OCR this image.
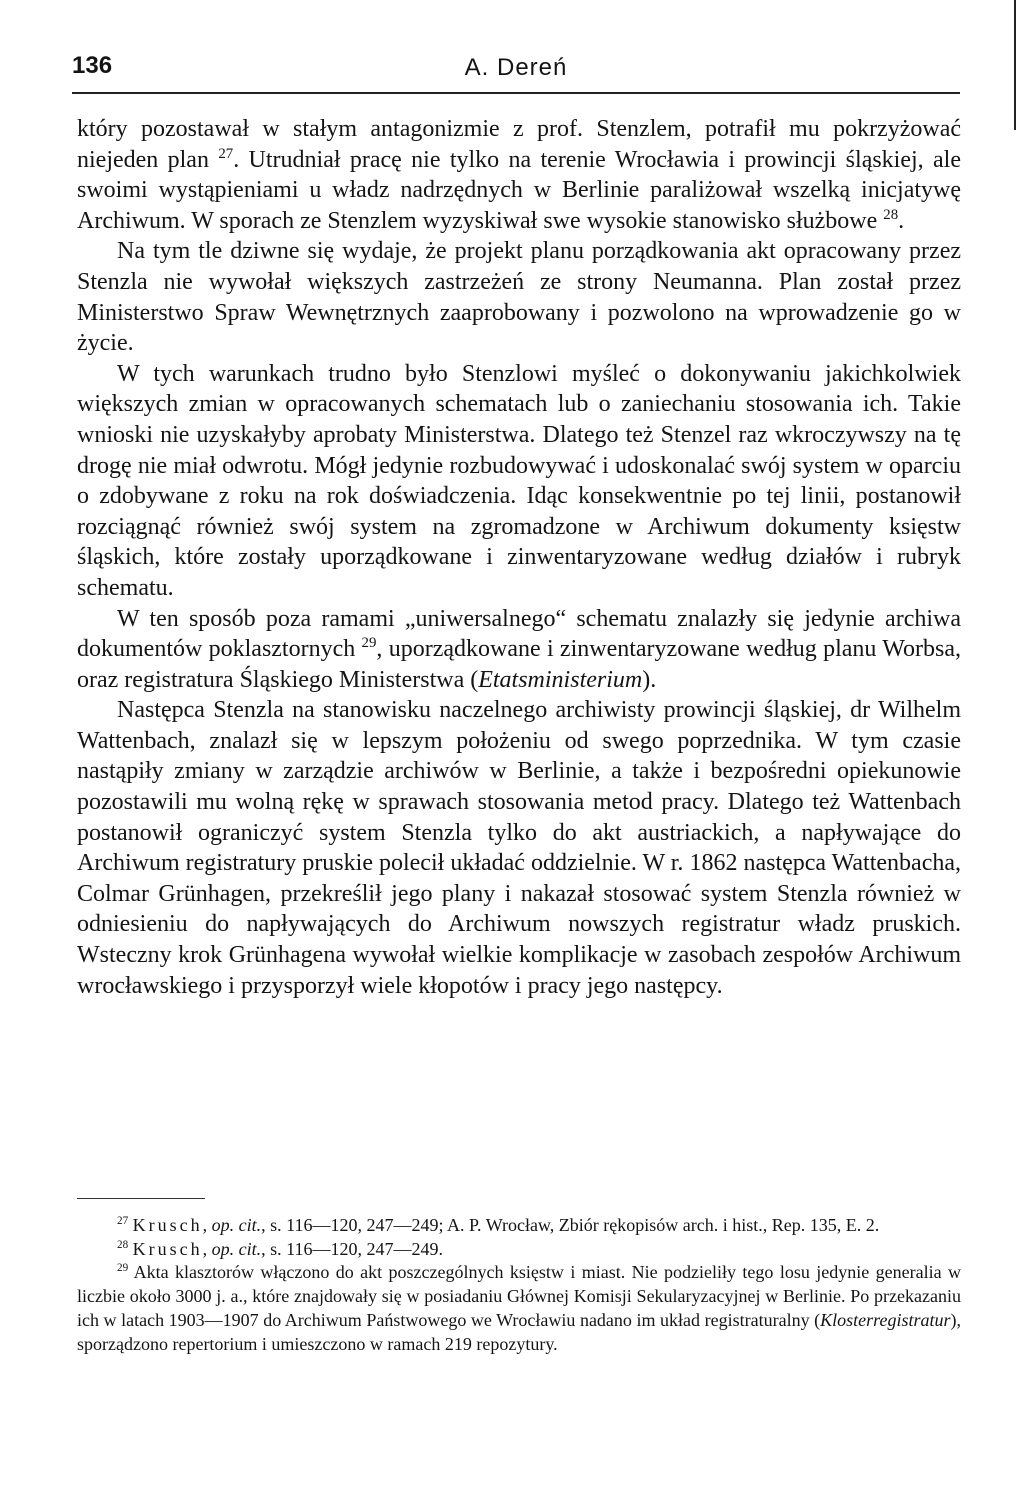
136	A. Dereń

który pozostawał w stałym antagonizmie z prof. Stenzlem, potrafił mu pokrzyżować niejeden plan $^{27}$. Utrudniał pracę nie tylko na terenie Wrocławia i prowincji śląskiej, ale swoimi wystąpieniami u władz nadrzędnych w Berlinie paraliżował wszelką inicjatywę Archiwum. W sporach ze Stenzlem wyzyskiwał swe wysokie stanowisko służbowe $^{28}$.

Na tym tle dziwne się wydaje, że projekt planu porządkowania akt opracowany przez Stenzla nie wywołał większych zastrzeżeń ze strony Neumanna. Plan został przez Ministerstwo Spraw Wewnętrznych zaaprobowany i pozwolono na wprowadzenie go w życie.

W tych warunkach trudno było Stenzlowi myśleć o dokonywaniu jakichkolwiek większych zmian w opracowanych schematach lub o zaniechaniu stosowania ich. Takie wnioski nie uzyskałyby aprobaty Ministerstwa. Dlatego też Stenzel raz wkroczywszy na tę drogę nie miał odwrotu. Mógł jedynie rozbudowywać i udoskonalać swój system w oparciu o zdobywane z roku na rok doświadczenia. Idąc konsekwentnie po tej linii, postanowił rozciągnąć również swój system na zgromadzone w Archiwum dokumenty księstw śląskich, które zostały uporządkowane i zinwentaryzowane według działów i rubryk schematu.

W ten sposób poza ramami „uniwersalnego“ schematu znalazły się jedynie archiwa dokumentów poklasztornych $^{29}$, uporządkowane i zinwentaryzowane według planu Worbsa, oraz registratura Śląskiego Ministerstwa (Etatsministerium).

Następca Stenzla na stanowisku naczelnego archiwisty prowincji śląskiej, dr Wilhelm Wattenbach, znalazł się w lepszym położeniu od swego poprzednika. W tym czasie nastąpiły zmiany w zarządzie archiwów w Berlinie, a także i bezpośredni opiekunowie pozostawili mu wolną rękę w sprawach stosowania metod pracy. Dlatego też Wattenbach postanowił ograniczyć system Stenzla tylko do akt austriackich, a napływające do Archiwum registratury pruskie polecił układać oddzielnie. W r. 1862 następca Wattenbacha, Colmar Grünhagen, przekreślił jego plany i nakazał stosować system Stenzla również w odniesieniu do napływających do Archiwum nowszych registratur władz pruskich. Wsteczny krok Grünhagena wywołał wielkie komplikacje w zasobach zespołów Archiwum wrocławskiego i przysporzył wiele kłopotów i pracy jego następcy.

$^{27}$ Krusch, op. cit., s. 116—120, 247—249; A. P. Wrocław, Zbiór rękopisów arch. i hist., Rep. 135, E. 2.

$^{28}$ Krusch, op. cit., s. 116—120, 247—249.

$^{29}$ Akta klasztorów włączono do akt poszczególnych księstw i miast. Nie podzieliły tego losu jedynie generalia w liczbie około 3000 j. a., które znajdowały się w posiadaniu Głównej Komisji Sekularyzacyjnej w Berlinie. Po przekazaniu ich w latach 1903—1907 do Archiwum Państwowego we Wrocławiu nadano im układ registraturalny (Klosterregistratur), sporządzono repertorium i umieszczono w ramach 219 repozytury.
